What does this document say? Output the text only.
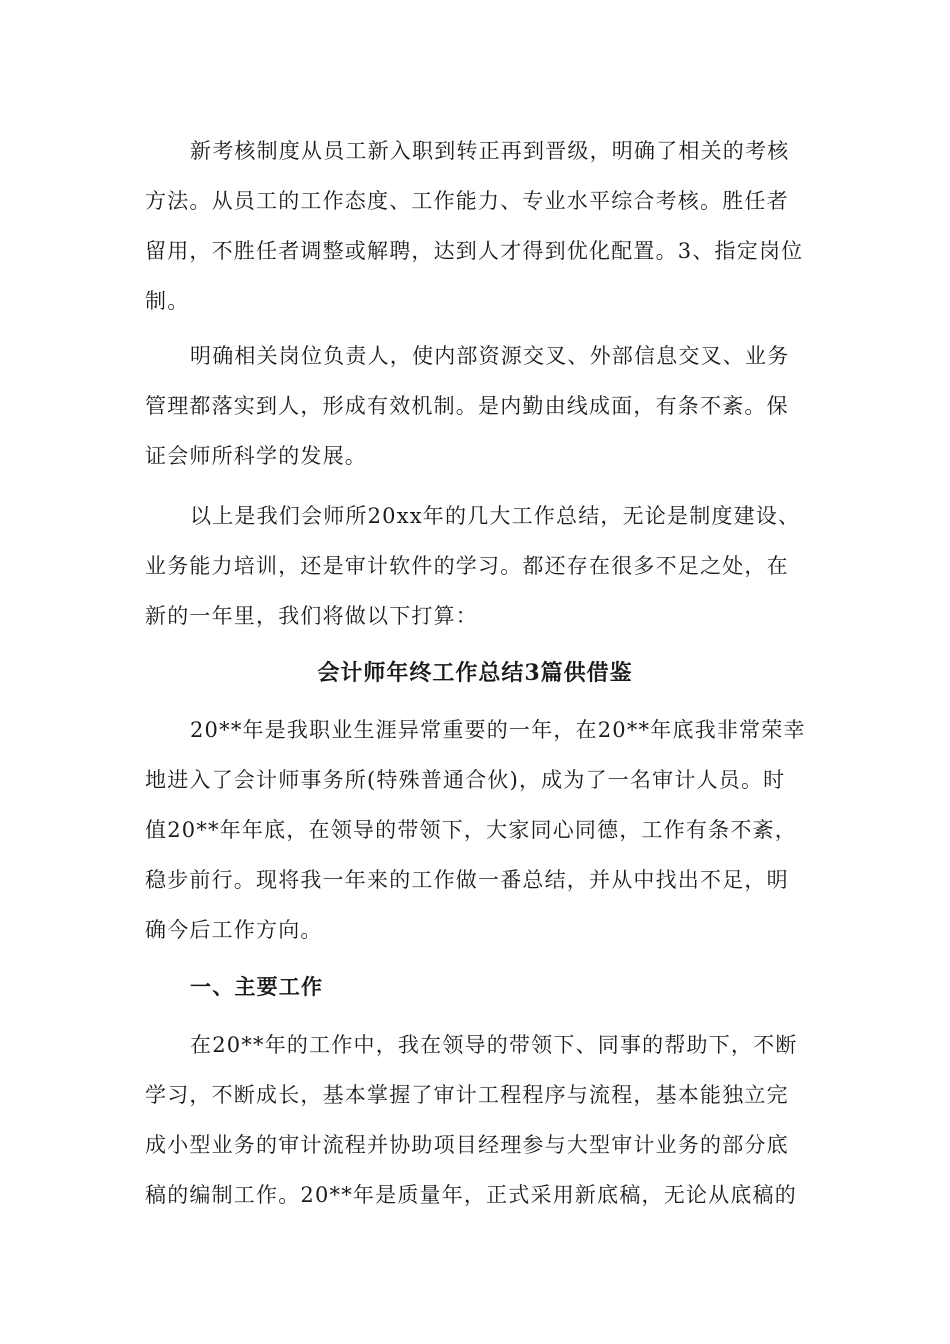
新考核制度从员工新入职到转正再到晋级，明确了相关的考核
方法。从员工的工作态度、工作能力、专业水平综合考核。胜任者
留用，不胜任者调整或解聘，达到人才得到优化配置。3、指定岗位
制。
明确相关岗位负责人，使内部资源交叉、外部信息交叉、业务
管理都落实到人，形成有效机制。是内勤由线成面，有条不紊。保
证会师所科学的发展。
以上是我们会师所20xx年的几大工作总结，无论是制度建设、
业务能力培训，还是审计软件的学习。都还存在很多不足之处，在
新的一年里，我们将做以下打算：
会计师年终工作总结3篇供借鉴
20**年是我职业生涯异常重要的一年，在20**年底我非常荣幸
地进入了会计师事务所(特殊普通合伙)，成为了一名审计人员。时
值20**年年底，在领导的带领下，大家同心同德，工作有条不紊，
稳步前行。现将我一年来的工作做一番总结，并从中找出不足，明
确今后工作方向。
一、主要工作
在20**年的工作中，我在领导的带领下、同事的帮助下，不断
学习，不断成长，基本掌握了审计工程程序与流程，基本能独立完
成小型业务的审计流程并协助项目经理参与大型审计业务的部分底
稿的编制工作。20**年是质量年，正式采用新底稿，无论从底稿的
